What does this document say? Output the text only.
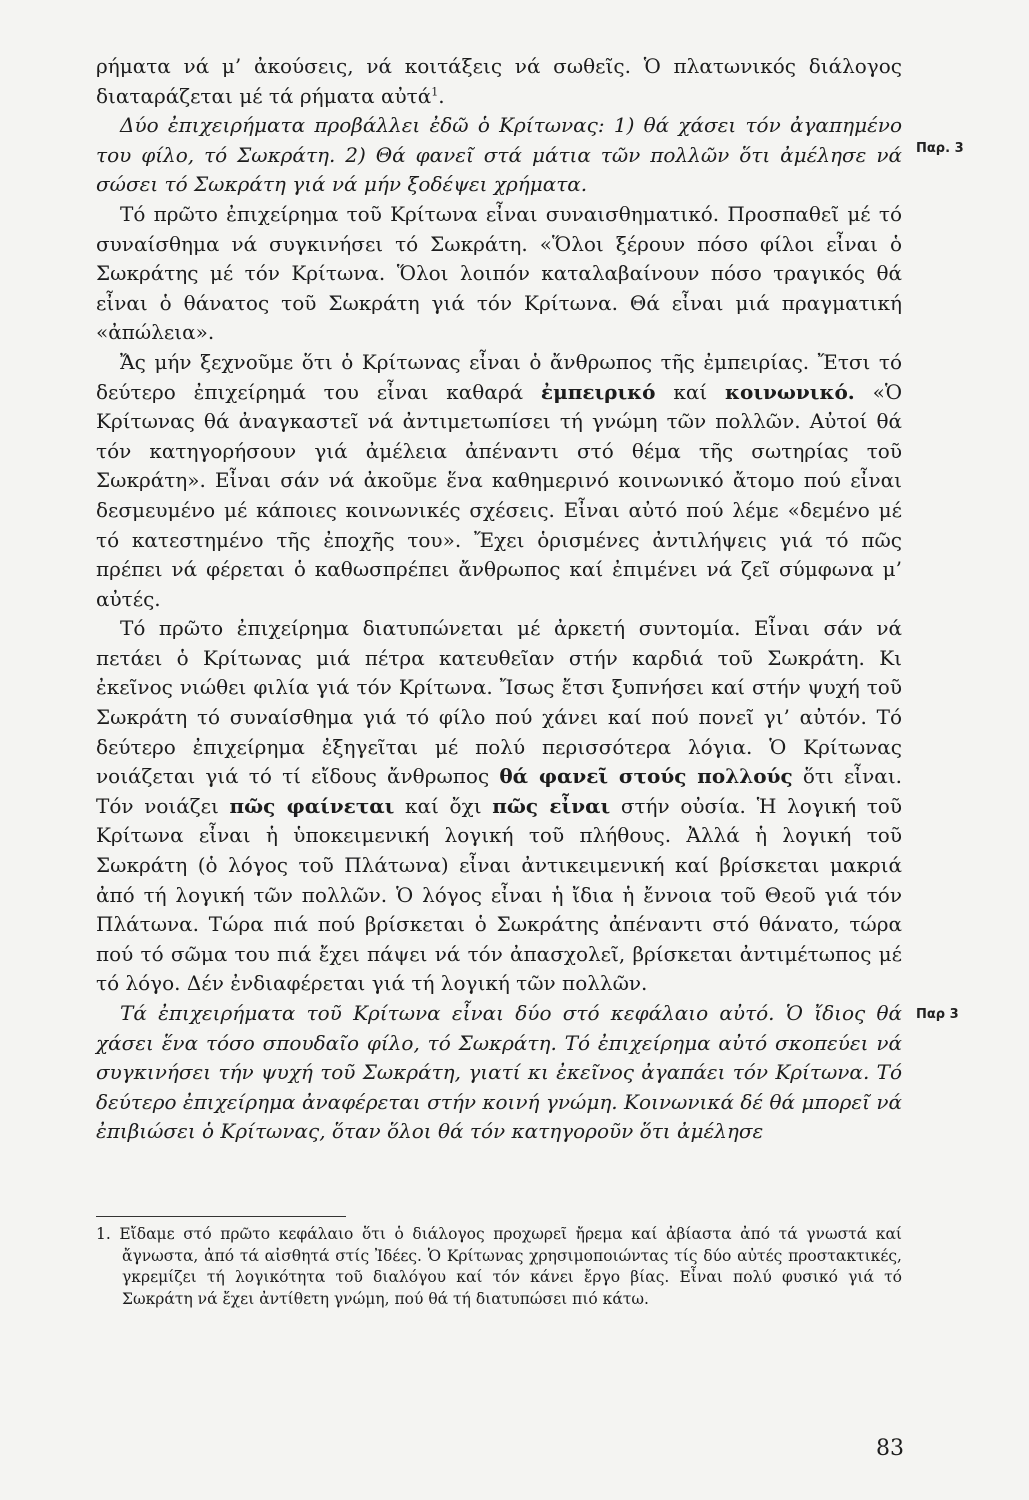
ρήματα νά μ’ ἀκούσεις, νά κοιτάξεις νά σωθεῖς. Ὁ πλατωνικός διάλογος διαταράζεται μέ τά ρήματα αὐτά$^1$.

Δύο ἐπιχειρήματα προβάλλει ἐδῶ ὁ Κρίτωνας: 1) θά χάσει τόν ἀγαπημένο του φίλο, τό Σωκράτη. 2) Θά φανεῖ στά μάτια τῶν πολλῶν ὅτι ἀμέλησε νά σώσει τό Σωκράτη γιά νά μήν ξοδέψει χρήματα.

Τό πρῶτο ἐπιχείρημα τοῦ Κρίτωνα εἶναι συναισθηματικό. Προσπαθεῖ μέ τό συναίσθημα νά συγκινήσει τό Σωκράτη. «Ὅλοι ξέρουν πόσο φίλοι εἶναι ὁ Σωκράτης μέ τόν Κρίτωνα. Ὅλοι λοιπόν καταλαβαίνουν πόσο τραγικός θά εἶναι ὁ θάνατος τοῦ Σωκράτη γιά τόν Κρίτωνα. Θά εἶναι μιά πραγματική «ἀπώλεια».

Ἄς μήν ξεχνοῦμε ὅτι ὁ Κρίτωνας εἶναι ὁ ἄνθρωπος τῆς ἐμπειρίας. Ἔτσι τό δεύτερο ἐπιχείρημά του εἶναι καθαρά ἐμπειρικό καί κοινωνικό. «Ὁ Κρίτωνας θά ἀναγκαστεῖ νά ἀντιμετωπίσει τή γνώμη τῶν πολλῶν. Αὐτοί θά τόν κατηγορήσουν γιά ἀμέλεια ἀπέναντι στό θέμα τῆς σωτηρίας τοῦ Σωκράτη». Εἶναι σάν νά ἀκοῦμε ἕνα καθημερινό κοινωνικό ἄτομο πού εἶναι δεσμευμένο μέ κάποιες κοινωνικές σχέσεις. Εἶναι αὐτό πού λέμε «δεμένο μέ τό κατεστημένο τῆς ἐποχῆς του». Ἔχει ὁρισμένες ἀντιλήψεις γιά τό πῶς πρέπει νά φέρεται ὁ καθωσπρέπει ἄνθρωπος καί ἐπιμένει νά ζεῖ σύμφωνα μ’ αὐτές.

Τό πρῶτο ἐπιχείρημα διατυπώνεται μέ ἀρκετή συντομία. Εἶναι σάν νά πετάει ὁ Κρίτωνας μιά πέτρα κατευθεῖαν στήν καρδιά τοῦ Σωκράτη. Κι ἐκεῖνος νιώθει φιλία γιά τόν Κρίτωνα. Ἴσως ἔτσι ξυπνήσει καί στήν ψυχή τοῦ Σωκράτη τό συναίσθημα γιά τό φίλο πού χάνει καί πού πονεῖ γι’ αὐτόν. Τό δεύτερο ἐπιχείρημα ἐξηγεῖται μέ πολύ περισσότερα λόγια. Ὁ Κρίτωνας νοιάζεται γιά τό τί εἴδους ἄνθρωπος θά φανεῖ στούς πολλούς ὅτι εἶναι. Τόν νοιάζει πῶς φαίνεται καί ὄχι πῶς εἶναι στήν οὐσία. Ἡ λογική τοῦ Κρίτωνα εἶναι ἡ ὑποκειμενική λογική τοῦ πλήθους. Ἀλλά ἡ λογική τοῦ Σωκράτη (ὁ λόγος τοῦ Πλάτωνα) εἶναι ἀντικειμενική καί βρίσκεται μακριά ἀπό τή λογική τῶν πολλῶν. Ὁ λόγος εἶναι ἡ ἴδια ἡ ἔννοια τοῦ Θεοῦ γιά τόν Πλάτωνα. Τώρα πιά πού βρίσκεται ὁ Σωκράτης ἀπέναντι στό θάνατο, τώρα πού τό σῶμα του πιά ἔχει πάψει νά τόν ἀπασχολεῖ, βρίσκεται ἀντιμέτωπος μέ τό λόγο. Δέν ἐνδιαφέρεται γιά τή λογική τῶν πολλῶν.

Τά ἐπιχειρήματα τοῦ Κρίτωνα εἶναι δύο στό κεφάλαιο αὐτό. Ὁ ἴδιος θά χάσει ἕνα τόσο σπουδαῖο φίλο, τό Σωκράτη. Τό ἐπιχείρημα αὐτό σκοπεύει νά συγκινήσει τήν ψυχή τοῦ Σωκράτη, γιατί κι ἐκεῖνος ἀγαπάει τόν Κρίτωνα. Τό δεύτερο ἐπιχείρημα ἀναφέρεται στήν κοινή γνώμη. Κοινωνικά δέ θά μπορεῖ νά ἐπιβιώσει ὁ Κρίτωνας, ὅταν ὅλοι θά τόν κατηγοροῦν ὅτι ἀμέλησε

Παρ. 3
Παρ 3
1. Εἴδαμε στό πρῶτο κεφάλαιο ὅτι ὁ διάλογος προχωρεῖ ἤρεμα καί ἀβίαστα ἀπό τά γνωστά καί ἄγνωστα, ἀπό τά αἰσθητά στίς Ἰδέες. Ὁ Κρίτωνας χρησιμοποιώντας τίς δύο αὐτές προστακτικές, γκρεμίζει τή λογικότητα τοῦ διαλόγου καί τόν κάνει ἔργο βίας. Εἶναι πολύ φυσικό γιά τό Σωκράτη νά ἔχει ἀντίθετη γνώμη, πού θά τή διατυπώσει πιό κάτω.
83
